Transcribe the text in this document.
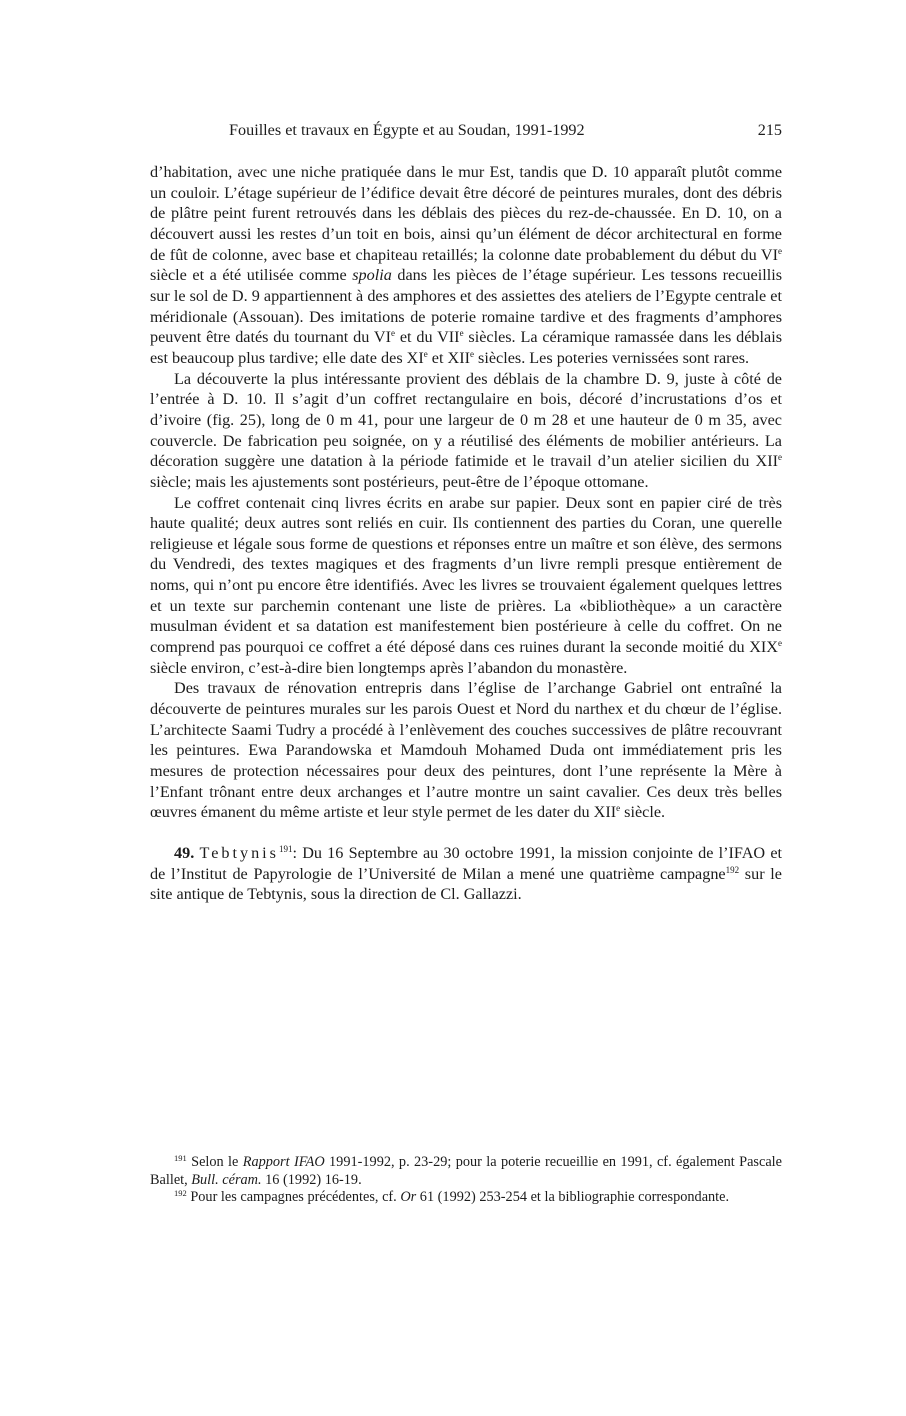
Fouilles et travaux en Égypte et au Soudan, 1991-1992	215

d’habitation, avec une niche pratiquée dans le mur Est, tandis que D. 10 apparaît plutôt comme un couloir. L’étage supérieur de l’édifice devait être décoré de peintures murales, dont des débris de plâtre peint furent retrouvés dans les déblais des pièces du rez-de-chaussée. En D. 10, on a découvert aussi les restes d’un toit en bois, ainsi qu’un élément de décor architectural en forme de fût de colonne, avec base et chapiteau retaillés; la colonne date probablement du début du VIe siècle et a été utilisée comme spolia dans les pièces de l’étage supérieur. Les tessons recueillis sur le sol de D. 9 appartiennent à des amphores et des assiettes des ateliers de l’Egypte centrale et méridionale (Assouan). Des imitations de poterie romaine tardive et des fragments d’amphores peuvent être datés du tournant du VIe et du VIIe siècles. La céramique ramassée dans les déblais est beaucoup plus tardive; elle date des XIe et XIIe siècles. Les poteries vernissées sont rares.

La découverte la plus intéressante provient des déblais de la chambre D. 9, juste à côté de l’entrée à D. 10. Il s’agit d’un coffret rectangulaire en bois, décoré d’incrustations d’os et d’ivoire (fig. 25), long de 0 m 41, pour une largeur de 0 m 28 et une hauteur de 0 m 35, avec couvercle. De fabrication peu soignée, on y a réutilisé des éléments de mobilier antérieurs. La décoration suggère une datation à la période fatimide et le travail d’un atelier sicilien du XIIe siècle; mais les ajustements sont postérieurs, peut-être de l’époque ottomane.

Le coffret contenait cinq livres écrits en arabe sur papier. Deux sont en papier ciré de très haute qualité; deux autres sont reliés en cuir. Ils contiennent des parties du Coran, une querelle religieuse et légale sous forme de questions et réponses entre un maître et son élève, des sermons du Vendredi, des textes magiques et des fragments d’un livre rempli presque entièrement de noms, qui n’ont pu encore être identifiés. Avec les livres se trouvaient également quelques lettres et un texte sur parchemin contenant une liste de prières. La «bibliothèque» a un caractère musulman évident et sa datation est manifestement bien postérieure à celle du coffret. On ne comprend pas pourquoi ce coffret a été déposé dans ces ruines durant la seconde moitié du XIXe siècle environ, c’est-à-dire bien longtemps après l’abandon du monastère.

Des travaux de rénovation entrepris dans l’église de l’archange Gabriel ont entraîné la découverte de peintures murales sur les parois Ouest et Nord du narthex et du chœur de l’église. L’architecte Saami Tudry a procédé à l’enlèvement des couches successives de plâtre recouvrant les peintures. Ewa Parandowska et Mamdouh Mohamed Duda ont immédiatement pris les mesures de protection nécessaires pour deux des peintures, dont l’une représente la Mère à l’Enfant trônant entre deux archanges et l’autre montre un saint cavalier. Ces deux très belles œuvres émanent du même artiste et leur style permet de les dater du XIIe siècle.

49. Tebtynis$^{191}$: Du 16 Septembre au 30 octobre 1991, la mission conjointe de l’IFAO et de l’Institut de Papyrologie de l’Université de Milan a mené une quatrième campagne$^{192}$ sur le site antique de Tebtynis, sous la direction de Cl. Gallazzi.

$^{191}$ Selon le Rapport IFAO 1991-1992, p. 23-29; pour la poterie recueillie en 1991, cf. également Pascale Ballet, Bull. céram. 16 (1992) 16-19.

$^{192}$ Pour les campagnes précédentes, cf. Or 61 (1992) 253-254 et la bibliographie correspondante.
